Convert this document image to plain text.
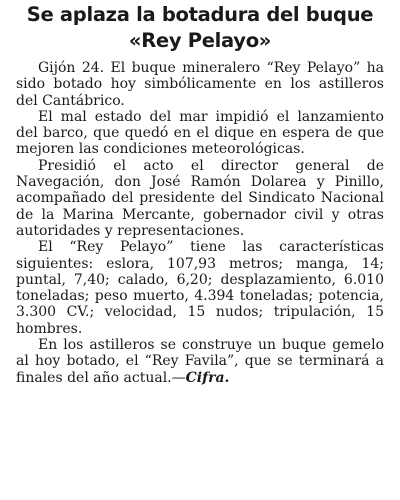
Se aplaza la botadura del buque
«Rey Pelayo»

Gijón 24. El buque mineralero “Rey Pelayo” ha sido botado hoy simbólicamente en los astilleros del Cantábrico.

El mal estado del mar impidió el lanzamiento del barco, que quedó en el dique en espera de que mejoren las condiciones meteorológicas.

Presidió el acto el director general de Navegación, don José Ramón Dolarea y Pinillo, acompañado del presidente del Sindicato Nacional de la Marina Mercante, gobernador civil y otras autoridades y representaciones.

El “Rey Pelayo” tiene las características siguientes: eslora, 107,93 metros; manga, 14; puntal, 7,40; calado, 6,20; desplazamiento, 6.010 toneladas; peso muerto, 4.394 toneladas; potencia, 3.300 CV.; velocidad, 15 nudos; tripulación, 15 hombres.

En los astilleros se construye un buque gemelo al hoy botado, el “Rey Favila”, que se terminará a finales del año actual.—Cifra.
